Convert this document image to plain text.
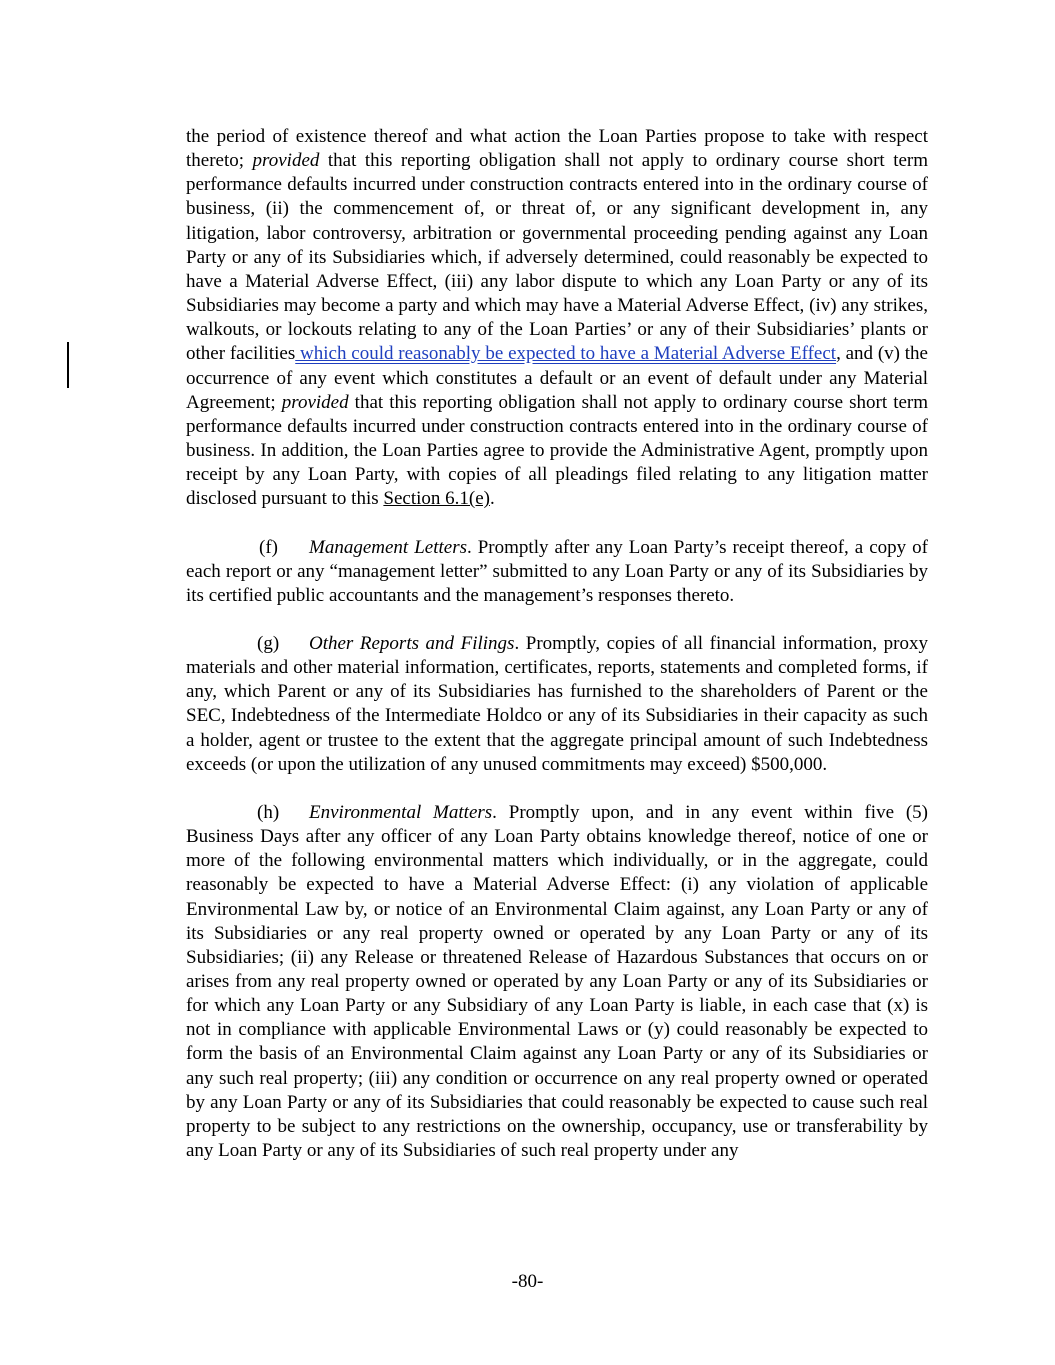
the period of existence thereof and what action the Loan Parties propose to take with respect thereto; provided that this reporting obligation shall not apply to ordinary course short term performance defaults incurred under construction contracts entered into in the ordinary course of business, (ii) the commencement of, or threat of, or any significant development in, any litigation, labor controversy, arbitration or governmental proceeding pending against any Loan Party or any of its Subsidiaries which, if adversely determined, could reasonably be expected to have a Material Adverse Effect, (iii) any labor dispute to which any Loan Party or any of its Subsidiaries may become a party and which may have a Material Adverse Effect, (iv) any strikes, walkouts, or lockouts relating to any of the Loan Parties’ or any of their Subsidiaries’ plants or other facilities which could reasonably be expected to have a Material Adverse Effect, and (v) the occurrence of any event which constitutes a default or an event of default under any Material Agreement; provided that this reporting obligation shall not apply to ordinary course short term performance defaults incurred under construction contracts entered into in the ordinary course of business. In addition, the Loan Parties agree to provide the Administrative Agent, promptly upon receipt by any Loan Party, with copies of all pleadings filed relating to any litigation matter disclosed pursuant to this Section 6.1(e).

(f) Management Letters. Promptly after any Loan Party’s receipt thereof, a copy of each report or any “management letter” submitted to any Loan Party or any of its Subsidiaries by its certified public accountants and the management’s responses thereto.

(g) Other Reports and Filings. Promptly, copies of all financial information, proxy materials and other material information, certificates, reports, statements and completed forms, if any, which Parent or any of its Subsidiaries has furnished to the shareholders of Parent or the SEC, Indebtedness of the Intermediate Holdco or any of its Subsidiaries in their capacity as such a holder, agent or trustee to the extent that the aggregate principal amount of such Indebtedness exceeds (or upon the utilization of any unused commitments may exceed) $500,000.

(h) Environmental Matters. Promptly upon, and in any event within five (5) Business Days after any officer of any Loan Party obtains knowledge thereof, notice of one or more of the following environmental matters which individually, or in the aggregate, could reasonably be expected to have a Material Adverse Effect: (i) any violation of applicable Environmental Law by, or notice of an Environmental Claim against, any Loan Party or any of its Subsidiaries or any real property owned or operated by any Loan Party or any of its Subsidiaries; (ii) any Release or threatened Release of Hazardous Substances that occurs on or arises from any real property owned or operated by any Loan Party or any of its Subsidiaries or for which any Loan Party or any Subsidiary of any Loan Party is liable, in each case that (x) is not in compliance with applicable Environmental Laws or (y) could reasonably be expected to form the basis of an Environmental Claim against any Loan Party or any of its Subsidiaries or any such real property; (iii) any condition or occurrence on any real property owned or operated by any Loan Party or any of its Subsidiaries that could reasonably be expected to cause such real property to be subject to any restrictions on the ownership, occupancy, use or transferability by any Loan Party or any of its Subsidiaries of such real property under any

-80-
